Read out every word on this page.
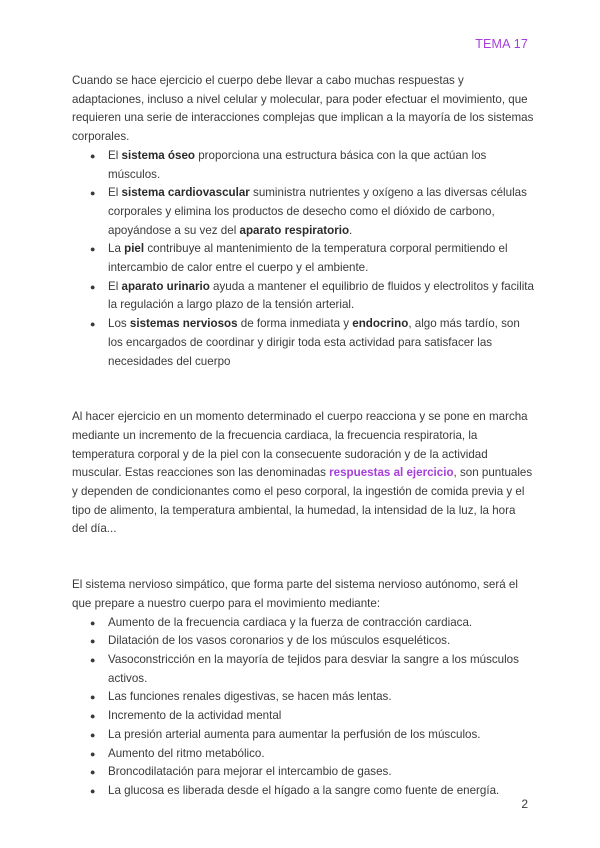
TEMA 17

Cuando se hace ejercicio el cuerpo debe llevar a cabo muchas respuestas y adaptaciones, incluso a nivel celular y molecular, para poder efectuar el movimiento, que requieren una serie de interacciones complejas que implican a la mayoría de los sistemas corporales.

● El sistema óseo proporciona una estructura básica con la que actúan los músculos.
● El sistema cardiovascular suministra nutrientes y oxígeno a las diversas células corporales y elimina los productos de desecho como el dióxido de carbono, apoyándose a su vez del aparato respiratorio.
● La piel contribuye al mantenimiento de la temperatura corporal permitiendo el intercambio de calor entre el cuerpo y el ambiente.
● El aparato urinario ayuda a mantener el equilibrio de fluidos y electrolitos y facilita la regulación a largo plazo de la tensión arterial.
● Los sistemas nerviosos de forma inmediata y endocrino, algo más tardío, son los encargados de coordinar y dirigir toda esta actividad para satisfacer las necesidades del cuerpo

Al hacer ejercicio en un momento determinado el cuerpo reacciona y se pone en marcha mediante un incremento de la frecuencia cardiaca, la frecuencia respiratoria, la temperatura corporal y de la piel con la consecuente sudoración y de la actividad muscular. Estas reacciones son las denominadas respuestas al ejercicio, son puntuales y dependen de condicionantes como el peso corporal, la ingestión de comida previa y el tipo de alimento, la temperatura ambiental, la humedad, la intensidad de la luz, la hora del día...

El sistema nervioso simpático, que forma parte del sistema nervioso autónomo, será el que prepare a nuestro cuerpo para el movimiento mediante:

● Aumento de la frecuencia cardiaca y la fuerza de contracción cardiaca.
● Dilatación de los vasos coronarios y de los músculos esqueléticos.
● Vasoconstricción en la mayoría de tejidos para desviar la sangre a los músculos activos.
● Las funciones renales digestivas, se hacen más lentas.
● Incremento de la actividad mental
● La presión arterial aumenta para aumentar la perfusión de los músculos.
● Aumento del ritmo metabólico.
● Broncodilatación para mejorar el intercambio de gases.
● La glucosa es liberada desde el hígado a la sangre como fuente de energía.
2
